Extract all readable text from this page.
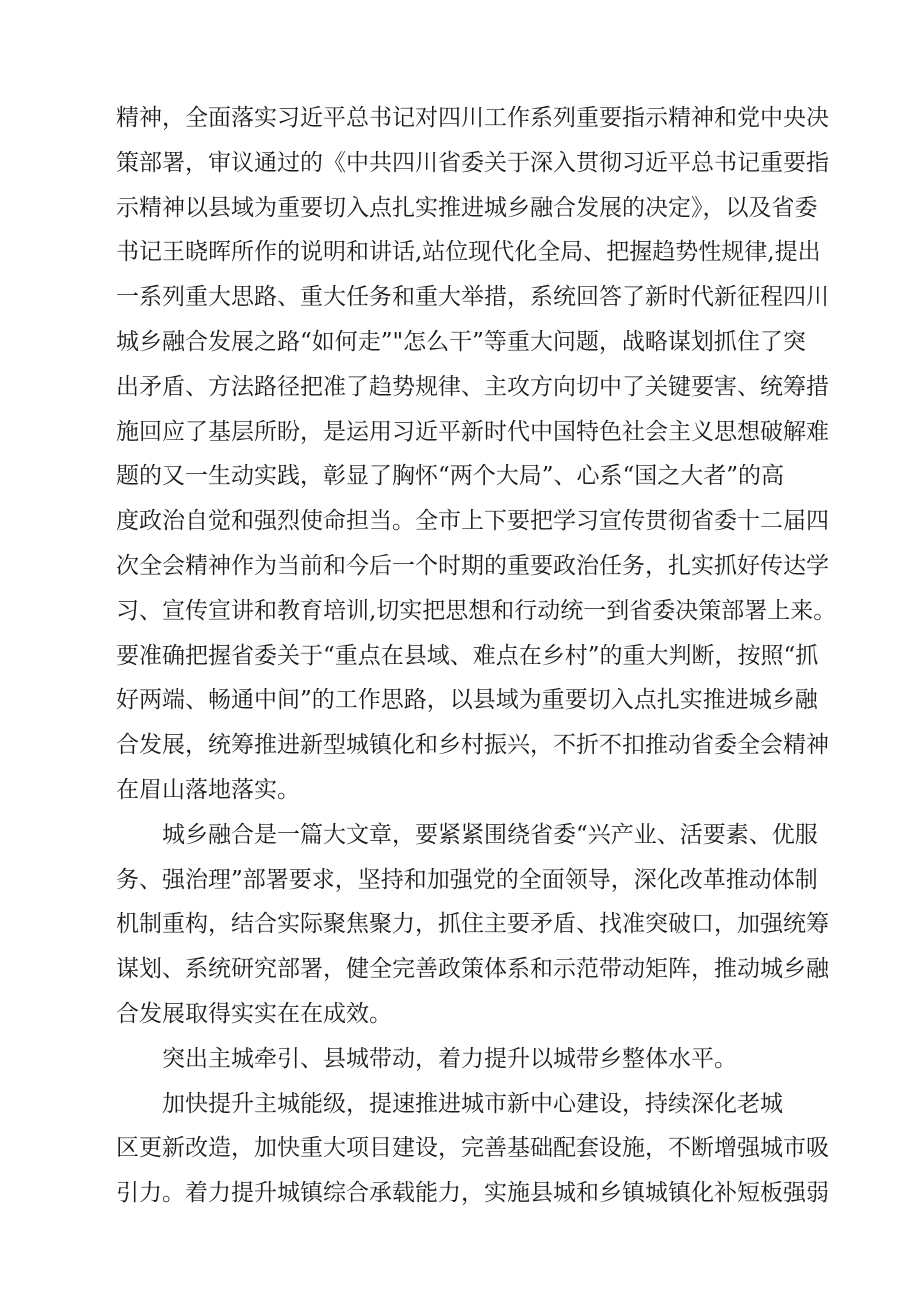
精神，全面落实习近平总书记对四川工作系列重要指示精神和党中央决
策部署，审议通过的《中共四川省委关于深入贯彻习近平总书记重要指
示精神以县域为重要切入点扎实推进城乡融合发展的决定》，以及省委
书记王晓晖所作的说明和讲话,站位现代化全局、把握趋势性规律,提出
一系列重大思路、重大任务和重大举措，系统回答了新时代新征程四川
城乡融合发展之路“如何走”"怎么干”等重大问题，战略谋划抓住了突
出矛盾、方法路径把准了趋势规律、主攻方向切中了关键要害、统筹措
施回应了基层所盼，是运用习近平新时代中国特色社会主义思想破解难
题的又一生动实践，彰显了胸怀“两个大局”、心系“国之大者”的高
度政治自觉和强烈使命担当。全市上下要把学习宣传贯彻省委十二届四
次全会精神作为当前和今后一个时期的重要政治任务，扎实抓好传达学
习、宣传宣讲和教育培训,切实把思想和行动统一到省委决策部署上来。
要准确把握省委关于“重点在县域、难点在乡村”的重大判断，按照“抓
好两端、畅通中间”的工作思路，以县域为重要切入点扎实推进城乡融
合发展，统筹推进新型城镇化和乡村振兴，不折不扣推动省委全会精神
在眉山落地落实。
城乡融合是一篇大文章，要紧紧围绕省委“兴产业、活要素、优服
务、强治理”部署要求，坚持和加强党的全面领导，深化改革推动体制
机制重构，结合实际聚焦聚力，抓住主要矛盾、找准突破口，加强统筹
谋划、系统研究部署，健全完善政策体系和示范带动矩阵，推动城乡融
合发展取得实实在在成效。
突出主城牵引、县城带动，着力提升以城带乡整体水平。
加快提升主城能级，提速推进城市新中心建设，持续深化老城
区更新改造，加快重大项目建设，完善基础配套设施，不断增强城市吸
引力。着力提升城镇综合承载能力，实施县城和乡镇城镇化补短板强弱
